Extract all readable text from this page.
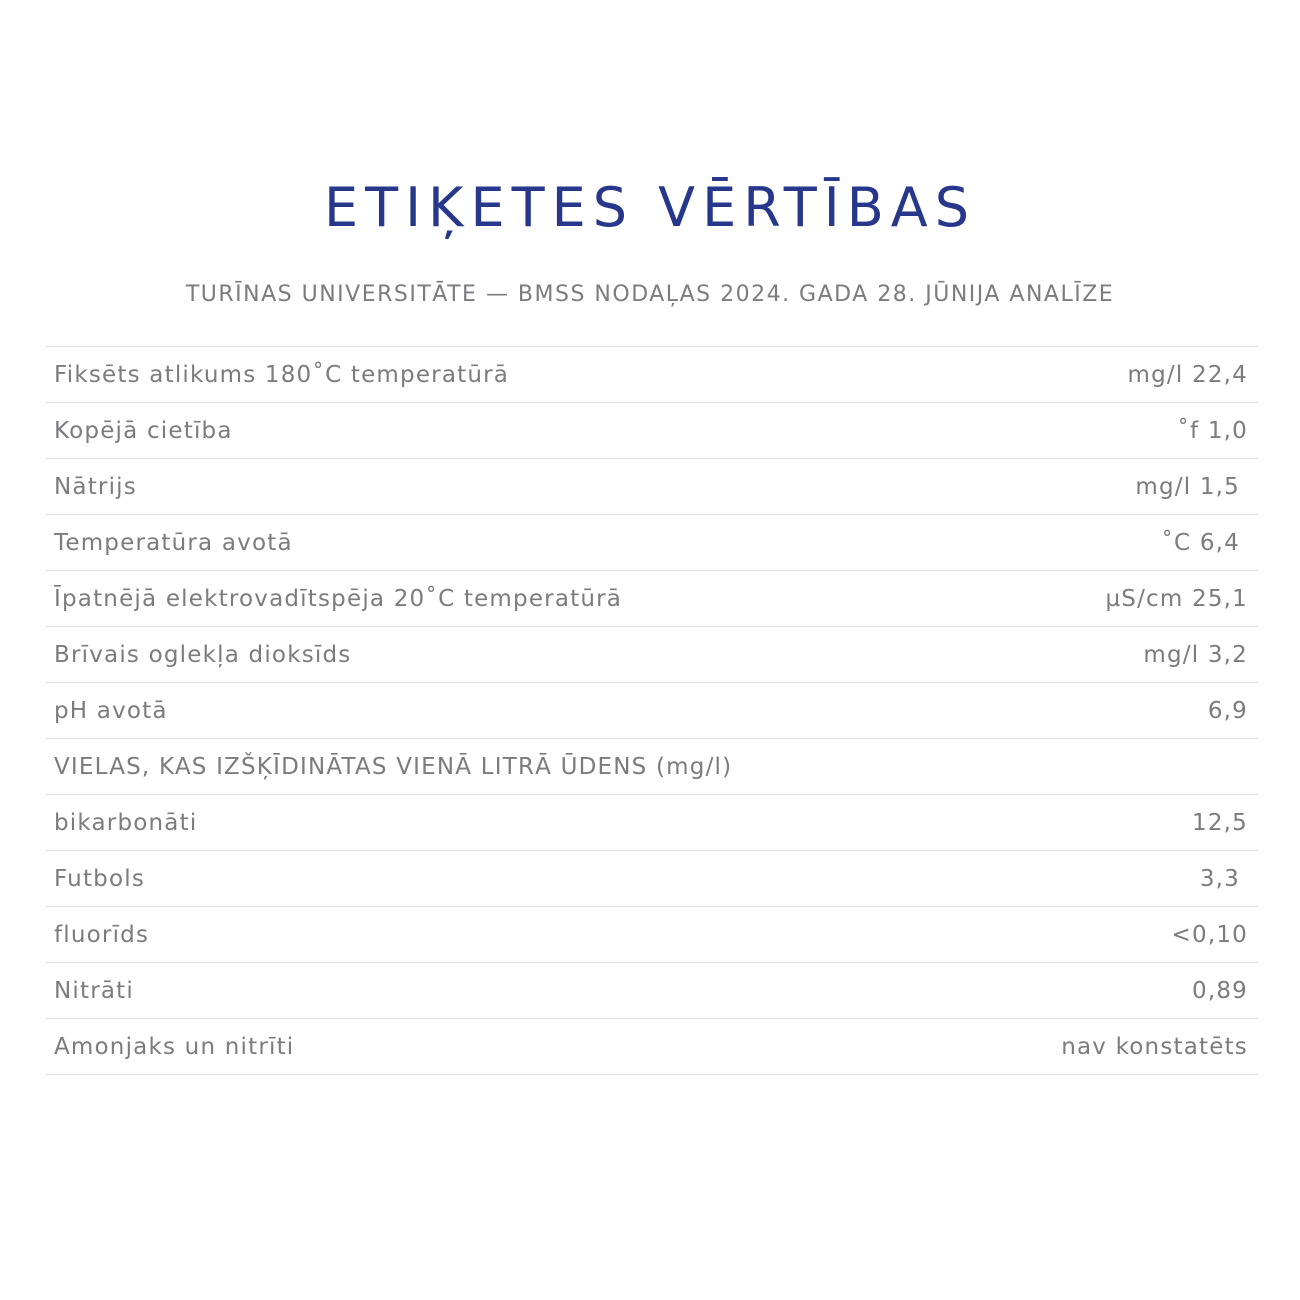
ETIĶETES VĒRTĪBAS

TURĪNAS UNIVERSITĀTE — BMSS NODAĻAS 2024. GADA 28. JŪNIJA ANALĪZE

Fiksēts atlikums 180˚C temperatūrā	mg/l 22,4
Kopējā cietība	˚f 1,0
Nātrijs	mg/l 1,5
Temperatūra avotā	˚C 6,4
Īpatnējā elektrovadītspēja 20˚C temperatūrā	µS/cm 25,1
Brīvais oglekļa dioksīds	mg/l 3,2
pH avotā	6,9
VIELAS, KAS IZŠĶĪDINĀTAS VIENĀ LITRĀ ŪDENS (mg/l)
bikarbonāti	12,5
Futbols	3,3
fluorīds	<0,10
Nitrāti	0,89
Amonjaks un nitrīti	nav konstatēts
